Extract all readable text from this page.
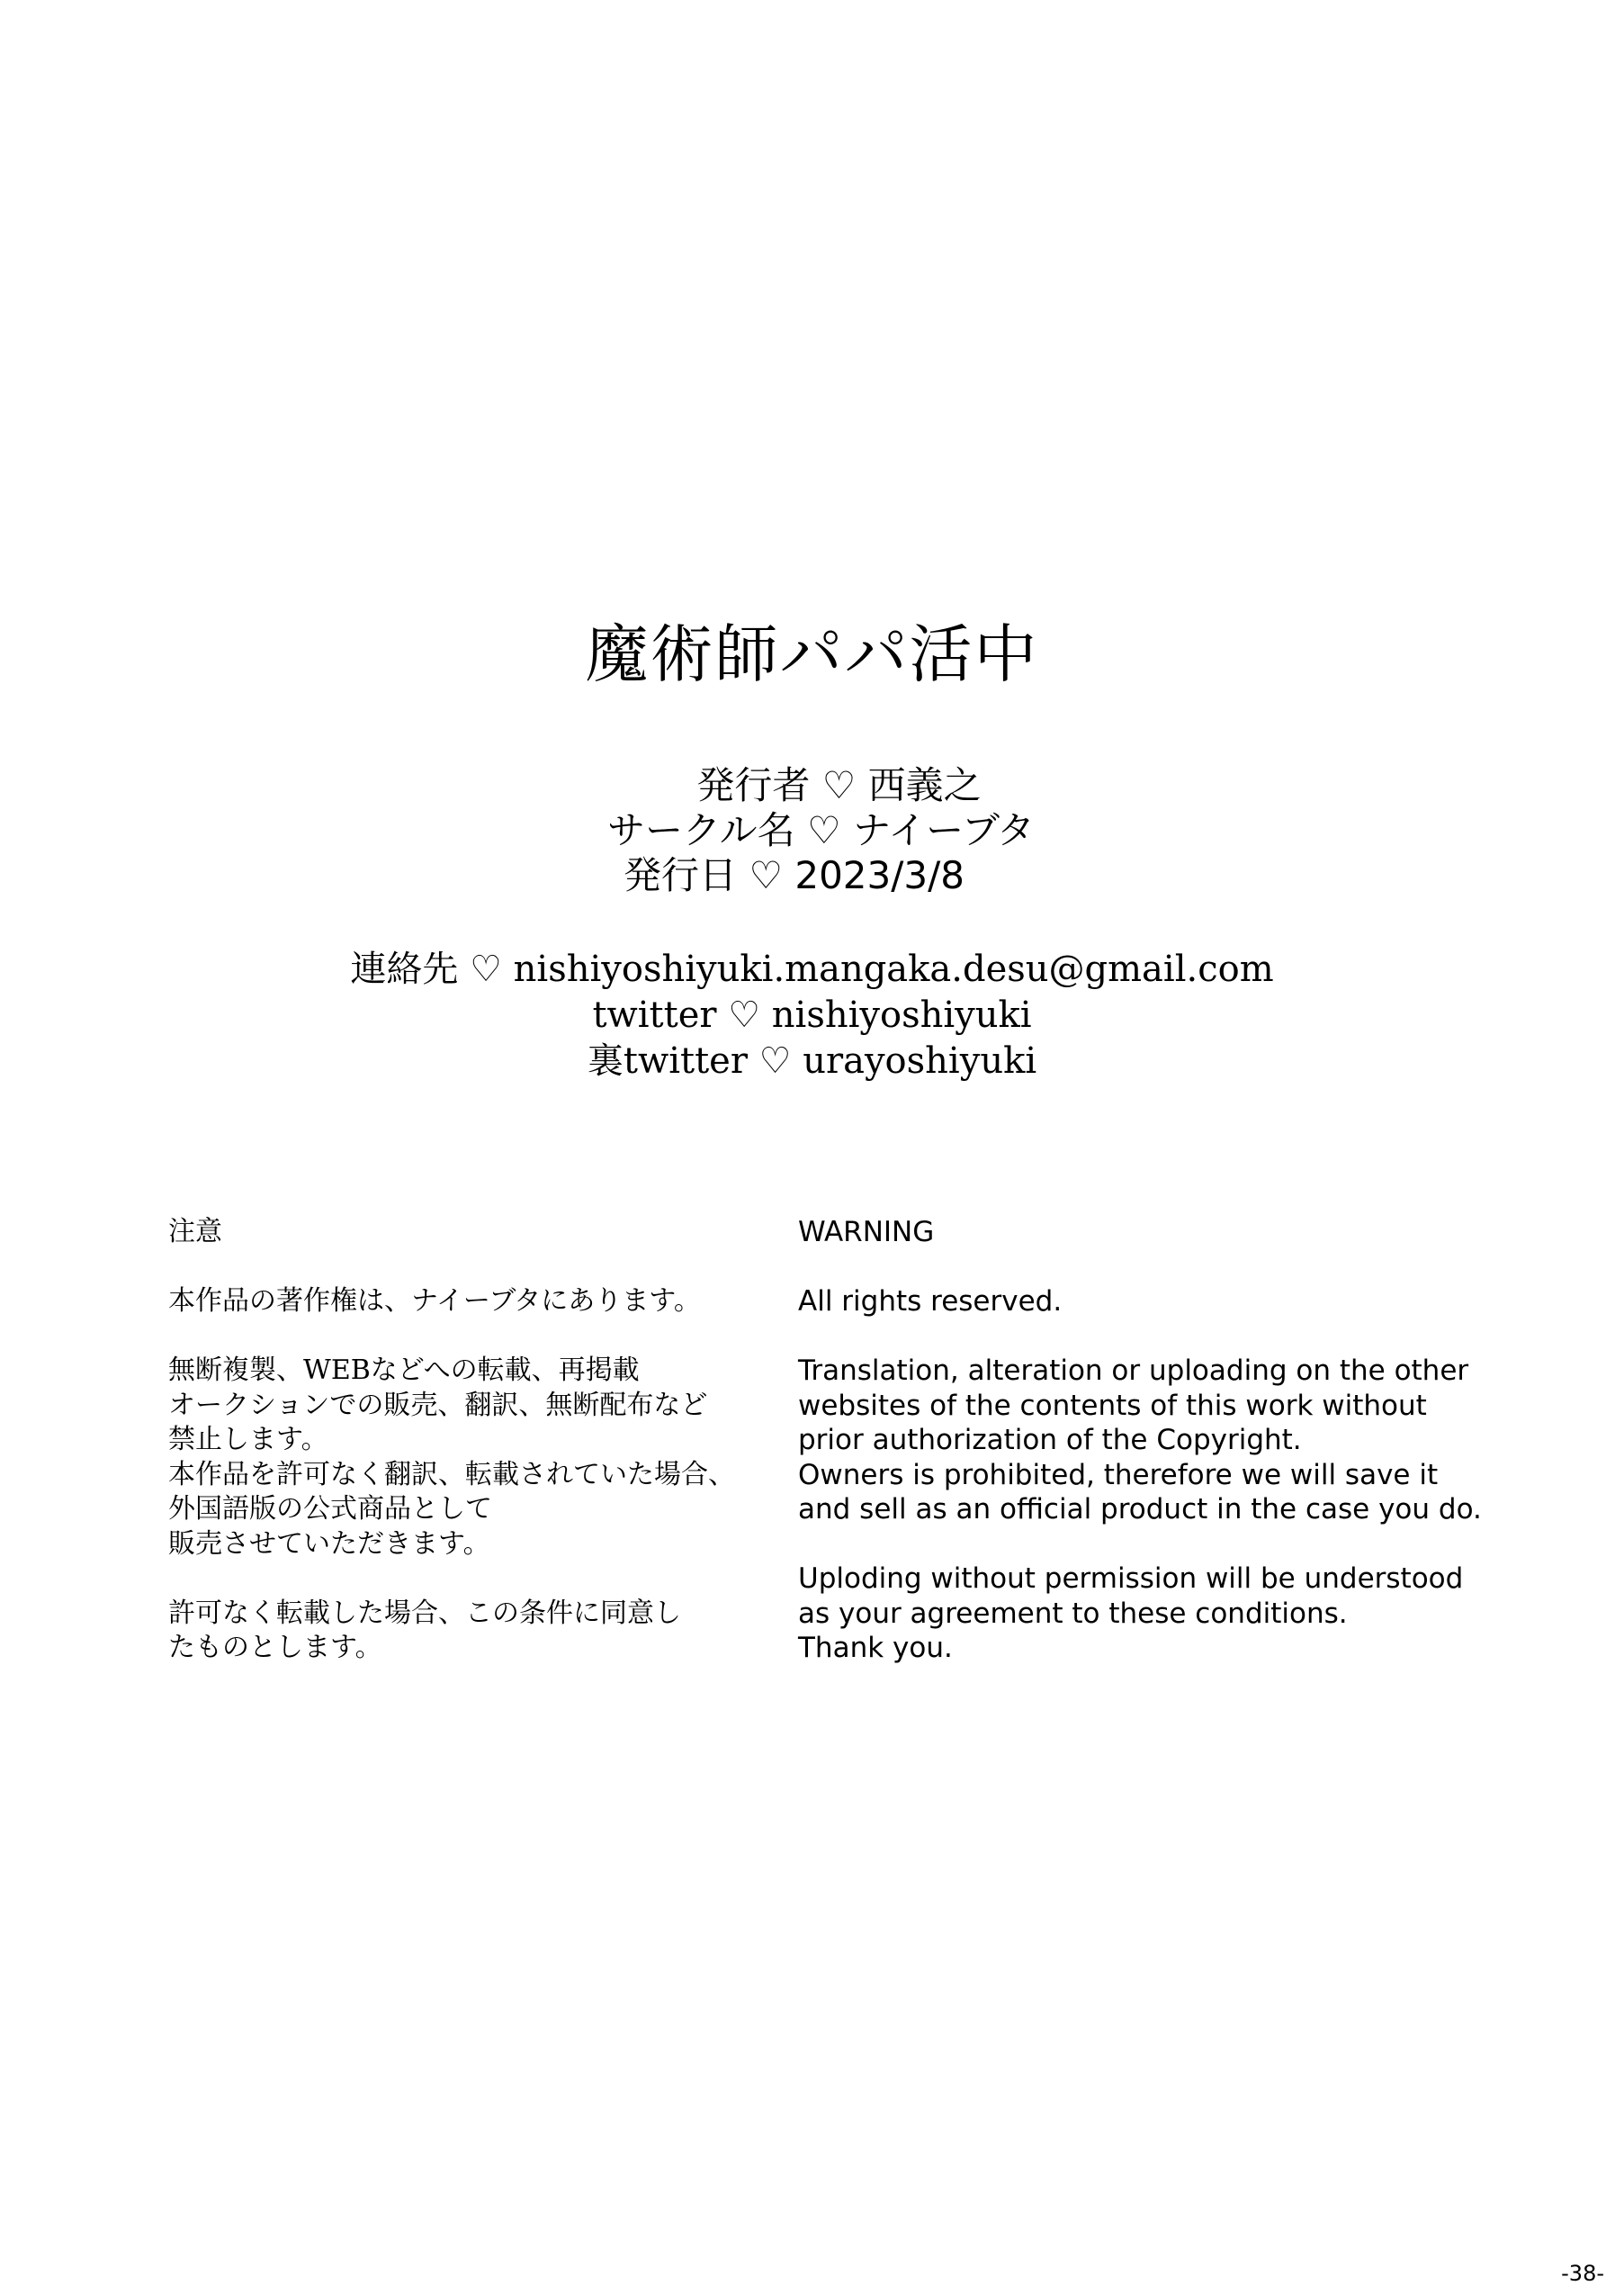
魔術師パパ活中
発行者 ♡ 西義之
サークル名 ♡ ナイーブタ
発行日 ♡ 2023/3/8
連絡先 ♡ nishiyoshiyuki.mangaka.desu@gmail.com
twitter ♡ nishiyoshiyuki
裏twitter ♡ urayoshiyuki
注意
本作品の著作権は、ナイーブタにあります。
無断複製、WEBなどへの転載、再掲載
オークションでの販売、翻訳、無断配布など
禁止します。
本作品を許可なく翻訳、転載されていた場合、
外国語版の公式商品として
販売させていただきます。
許可なく転載した場合、この条件に同意し
たものとします。
WARNING
All rights reserved.
Translation, alteration or uploading on the other
websites of the contents of this work without
prior authorization of the Copyright.
Owners is prohibited, therefore we will save it
and sell as an official product in the case you do.
Uploding without permission will be understood
as your agreement to these conditions.
Thank you.
-38-
